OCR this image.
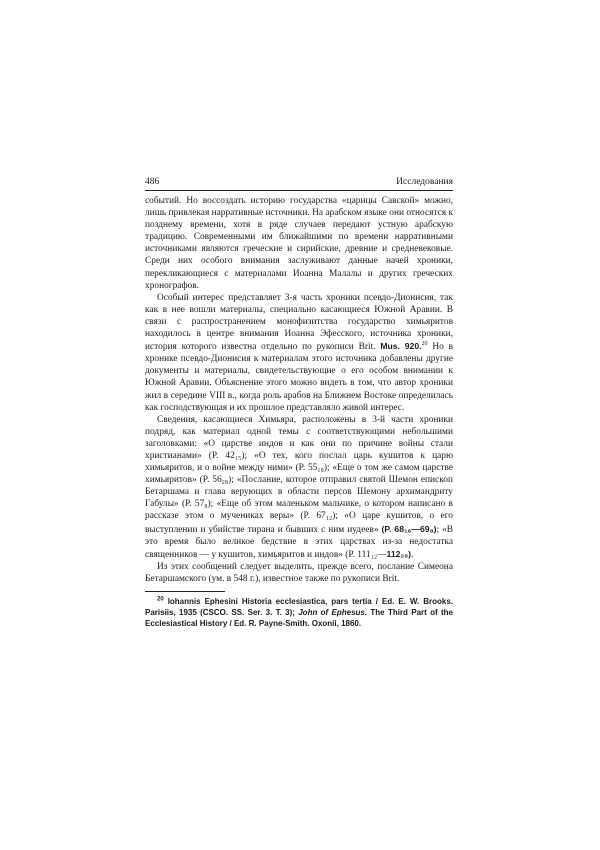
486	Исследования

событий. Но воссоздать историю государства «царицы Савской» можно, лишь привлекая нарративные источники. На арабском языке они относятся к позднему времени, хотя в ряде случаев передают устную арабскую традицию. Современными им ближайшими по времени нарративными источниками являются греческие и сирийские, древние и средневековые. Среди них особого внимания заслуживают данные начей хроники, перекликающиеся с материалами Иоанна Малалы и других греческих хронографов.

Особый интерес представляет 3-я часть хроники псевдо-Дионисия, так как в нее вошли материалы, специально касающиеся Южной Аравии. В связи с распространением монофизитства государство химьяритов находилось в центре внимания Иоанна Эфесского, источника хроники, история которого известна отдельно по рукописи Brit. Mus. 920.20 Но в хронике псевдо-Дионисия к материалам этого источника добавлены другие документы и материалы, свидетельствующие о его особом внимании к Южной Аравии. Объяснение этого можно видеть в том, что автор хроники жил в середине VIII в., когда роль арабов на Ближнем Востоке определилась как господствующая и их прошлое представляло живой интерес.

Сведения, касающиеся Химьяра, расположены в 3-й части хроники подряд, как материал одной темы с соответствующими небольшими заголовками: «О царстве индов и как они по причине войны стали христианами» (P. 42₁₅); «О тех, кого послал царь кушитов к царю химьяритов, и о войне между ними» (P. 55₁₈); «Еще о том же самом царстве химьяритов» (P. 56₂₈); «Послание, которое отправил святой Шемон епископ Бетаршама и глава верующих в области персов Шемону архимандриту Габулы» (P. 57₈); «Еще об этом маленьком мальчике, о котором написано в рассказе этом о мучениках веры» (P. 67₁₂); «О царе кушитов, о его выступлении и убийстве тирана и бывших с ним иудеев» (P. 68₁₆—69₈); «В это время было великое бедствие в этих царствах из-за недостатка священников — у кушитов, химьяритов и индов» (P. 111₁₂—112₂₀).

Из этих сообщений следует выделить, прежде всего, послание Симеона Бетаршамского (ум. в 548 г.), известное также по рукописи Brit.

$^{20}$ Iohannis Ephesini Historia ecclesiastica, pars tertia / Ed. E. W. Brooks. Parisiis, 1935 (CSCO. SS. Ser. 3. T. 3); John of Ephesus. The Third Part of the Ecclesiastical History / Ed. R. Payne-Smith. Oxonii, 1860.
